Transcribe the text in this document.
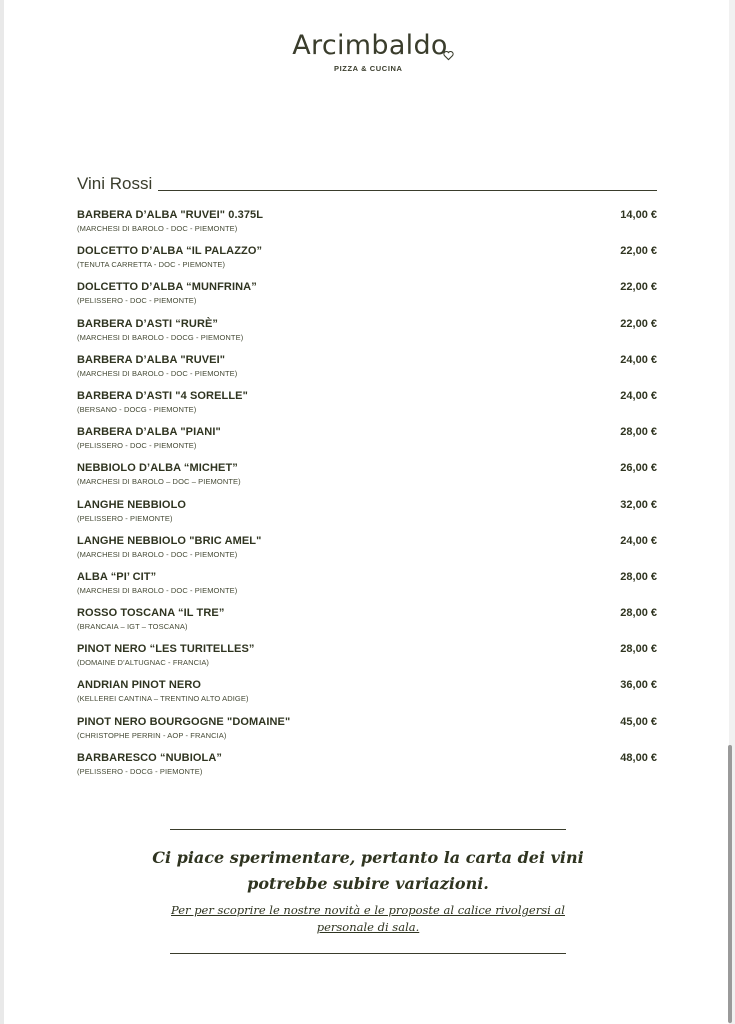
Arcimbaldo
PIZZA & CUCINA
Vini Rossi
BARBERA D’ALBA "RUVEI" 0.375L
(MARCHESI DI BAROLO - DOC - PIEMONTE)
14,00 €
DOLCETTO D’ALBA “IL PALAZZO”
(TENUTA CARRETTA - DOC - PIEMONTE)
22,00 €
DOLCETTO D’ALBA “MUNFRINA”
(PELISSERO - DOC - PIEMONTE)
22,00 €
BARBERA D’ASTI “RURÈ”
(MARCHESI DI BAROLO - DOCG - PIEMONTE)
22,00 €
BARBERA D’ALBA "RUVEI"
(MARCHESI DI BAROLO - DOC - PIEMONTE)
24,00 €
BARBERA D’ASTI "4 SORELLE"
(BERSANO - DOCG - PIEMONTE)
24,00 €
BARBERA D’ALBA "PIANI"
(PELISSERO - DOC - PIEMONTE)
28,00 €
NEBBIOLO D’ALBA “MICHET”
(MARCHESI DI BAROLO – DOC – PIEMONTE)
26,00 €
LANGHE NEBBIOLO
(PELISSERO - PIEMONTE)
32,00 €
LANGHE NEBBIOLO "BRIC AMEL"
(MARCHESI DI BAROLO - DOC - PIEMONTE)
24,00 €
ALBA “PI’ CIT”
(MARCHESI DI BAROLO - DOC - PIEMONTE)
28,00 €
ROSSO TOSCANA “IL TRE”
(BRANCAIA – IGT – TOSCANA)
28,00 €
PINOT NERO “LES TURITELLES”
(DOMAINE D’ALTUGNAC - FRANCIA)
28,00 €
ANDRIAN PINOT NERO
(KELLEREI CANTINA – TRENTINO ALTO ADIGE)
36,00 €
PINOT NERO BOURGOGNE "DOMAINE"
(CHRISTOPHE PERRIN - AOP - FRANCIA)
45,00 €
BARBARESCO “NUBIOLA”
(PELISSERO - DOCG - PIEMONTE)
48,00 €
Ci piace sperimentare, pertanto la carta dei vini
potrebbe subire variazioni.
Per per scoprire le nostre novità e le proposte al calice rivolgersi al personale di sala.
